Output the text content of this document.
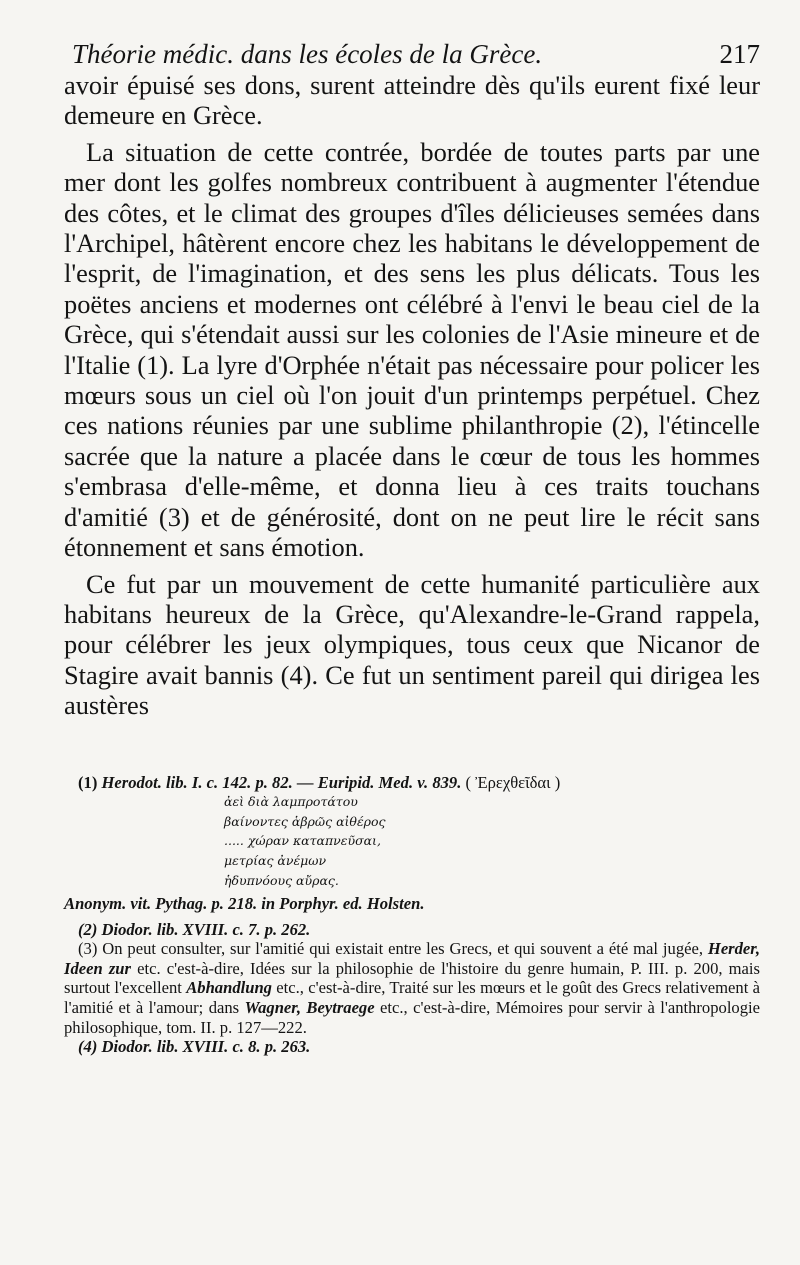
Théorie médic. dans les écoles de la Grèce.	217

avoir épuisé ses dons, surent atteindre dès qu'ils eurent fixé leur demeure en Grèce.

La situation de cette contrée, bordée de toutes parts par une mer dont les golfes nombreux contribuent à augmenter l'étendue des côtes, et le climat des groupes d'îles délicieuses semées dans l'Archipel, hâtèrent encore chez les habitans le développement de l'esprit, de l'imagination, et des sens les plus délicats. Tous les poëtes anciens et modernes ont célébré à l'envi le beau ciel de la Grèce, qui s'étendait aussi sur les colonies de l'Asie mineure et de l'Italie (1). La lyre d'Orphée n'était pas nécessaire pour policer les mœurs sous un ciel où l'on jouit d'un printemps perpétuel. Chez ces nations réunies par une sublime philanthropie (2), l'étincelle sacrée que la nature a placée dans le cœur de tous les hommes s'embrasa d'elle-même, et donna lieu à ces traits touchans d'amitié (3) et de générosité, dont on ne peut lire le récit sans étonnement et sans émotion.

Ce fut par un mouvement de cette humanité particulière aux habitans heureux de la Grèce, qu'Alexandre-le-Grand rappela, pour célébrer les jeux olympiques, tous ceux que Nicanor de Stagire avait bannis (4). Ce fut un sentiment pareil qui dirigea les austères

(1) Herodot. lib. I. c. 142. p. 82. — Euripid. Med. v. 839. ( Ἐρεχθεῖδαι )

ἀεὶ διὰ λαμπροτάτου
βαίνοντες ἁβρῶς αἰθέρος
..... χώραν καταπνεῦσαι,
μετρίας ἀνέμων
ἡδυπνόους αὔρας.

Anonym. vit. Pythag. p. 218. in Porphyr. ed. Holsten.

(2) Diodor. lib. XVIII. c. 7. p. 262.

(3) On peut consulter, sur l'amitié qui existait entre les Grecs, et qui souvent a été mal jugée, Herder, Ideen zur etc. c'est-à-dire, Idées sur la philosophie de l'histoire du genre humain, P. III. p. 200, mais surtout l'excellent Abhandlung etc., c'est-à-dire, Traité sur les mœurs et le goût des Grecs relativement à l'amitié et à l'amour; dans Wagner, Beytraege etc., c'est-à-dire, Mémoires pour servir à l'anthropologie philosophique, tom. II. p. 127—222.

(4) Diodor. lib. XVIII. c. 8. p. 263.
